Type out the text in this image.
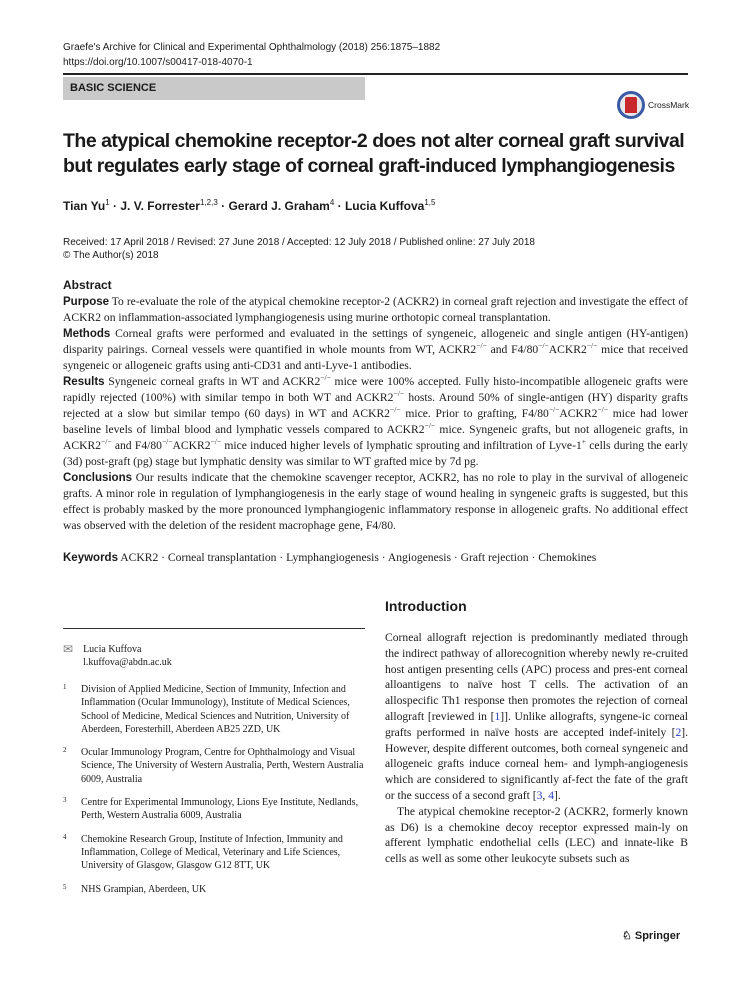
Graefe's Archive for Clinical and Experimental Ophthalmology (2018) 256:1875–1882
https://doi.org/10.1007/s00417-018-4070-1
BASIC SCIENCE
The atypical chemokine receptor-2 does not alter corneal graft survival but regulates early stage of corneal graft-induced lymphangiogenesis
Tian $Yu^1 \cdot J$. V. Forrester$^{1,2,3}$ · Gerard J. Graham$^4$ · Lucia Kuffova$^{1,5}$
Received: 17 April 2018 / Revised: 27 June 2018 / Accepted: 12 July 2018 / Published online: 27 July 2018
© The Author(s) 2018
Abstract

Purpose To re-evaluate the role of the atypical chemokine receptor-2 (ACKR2) in corneal graft rejection and investigate the effect of ACKR2 on inflammation-associated lymphangiogenesis using murine orthotopic corneal transplantation.

Methods Corneal grafts were performed and evaluated in the settings of syngeneic, allogeneic and single antigen (HY-antigen) disparity pairings. Corneal vessels were quantified in whole mounts from WT, ACKR2−/− and F4/80−/−ACKR2−/− mice that received syngeneic or allogeneic grafts using anti-CD31 and anti-Lyve-1 antibodies.

Results Syngeneic corneal grafts in WT and ACKR2−/− mice were 100% accepted. Fully histo-incompatible allogeneic grafts were rapidly rejected (100%) with similar tempo in both WT and ACKR2−/− hosts. Around 50% of single-antigen (HY) disparity grafts rejected at a slow but similar tempo (60 days) in WT and ACKR2−/− mice. Prior to grafting, F4/80−/−ACKR2−/− mice had lower baseline levels of limbal blood and lymphatic vessels compared to ACKR2−/− mice. Syngeneic grafts, but not allogeneic grafts, in ACKR2−/− and F4/80−/−ACKR2−/− mice induced higher levels of lymphatic sprouting and infiltration of Lyve-1+ cells during the early (3d) post-graft (pg) stage but lymphatic density was similar to WT grafted mice by 7d pg.

Conclusions Our results indicate that the chemokine scavenger receptor, ACKR2, has no role to play in the survival of allogeneic grafts. A minor role in regulation of lymphangiogenesis in the early stage of wound healing in syngeneic grafts is suggested, but this effect is probably masked by the more pronounced lymphangiogenic inflammatory response in allogeneic grafts. No additional effect was observed with the deletion of the resident macrophage gene, F4/80.

Keywords ACKR2 · Corneal transplantation · Lymphangiogenesis · Angiogenesis · Graft rejection · Chemokines
✉ Lucia Kuffova
l.kuffova@abdn.ac.uk
1	Division of Applied Medicine, Section of Immunity, Infection and Inflammation (Ocular Immunology), Institute of Medical Sciences, School of Medicine, Medical Sciences and Nutrition, University of Aberdeen, Foresterhill, Aberdeen AB25 2ZD, UK
2	Ocular Immunology Program, Centre for Ophthalmology and Visual Science, The University of Western Australia, Perth, Western Australia 6009, Australia
3	Centre for Experimental Immunology, Lions Eye Institute, Nedlands, Perth, Western Australia 6009, Australia
4	Chemokine Research Group, Institute of Infection, Immunity and Inflammation, College of Medical, Veterinary and Life Sciences, University of Glasgow, Glasgow G12 8TT, UK
5	NHS Grampian, Aberdeen, UK
Introduction

Corneal allograft rejection is predominantly mediated through the indirect pathway of allorecognition whereby newly re-cruited host antigen presenting cells (APC) process and pres-ent corneal alloantigens to naïve host T cells. The activation of an allospecific Th1 response then promotes the rejection of corneal allograft [reviewed in [1]]. Unlike allografts, syngene-ic corneal grafts performed in naïve hosts are accepted indef-initely [2]. However, despite different outcomes, both corneal syngeneic and allogeneic grafts induce corneal hem- and lymph-angiogenesis which are considered to significantly af-fect the fate of the graft or the success of a second graft [3, 4].

The atypical chemokine receptor-2 (ACKR2, formerly known as D6) is a chemokine decoy receptor expressed main-ly on afferent lymphatic endothelial cells (LEC) and innate-like B cells as well as some other leukocyte subsets such as

CrossMark
♘ Springer
